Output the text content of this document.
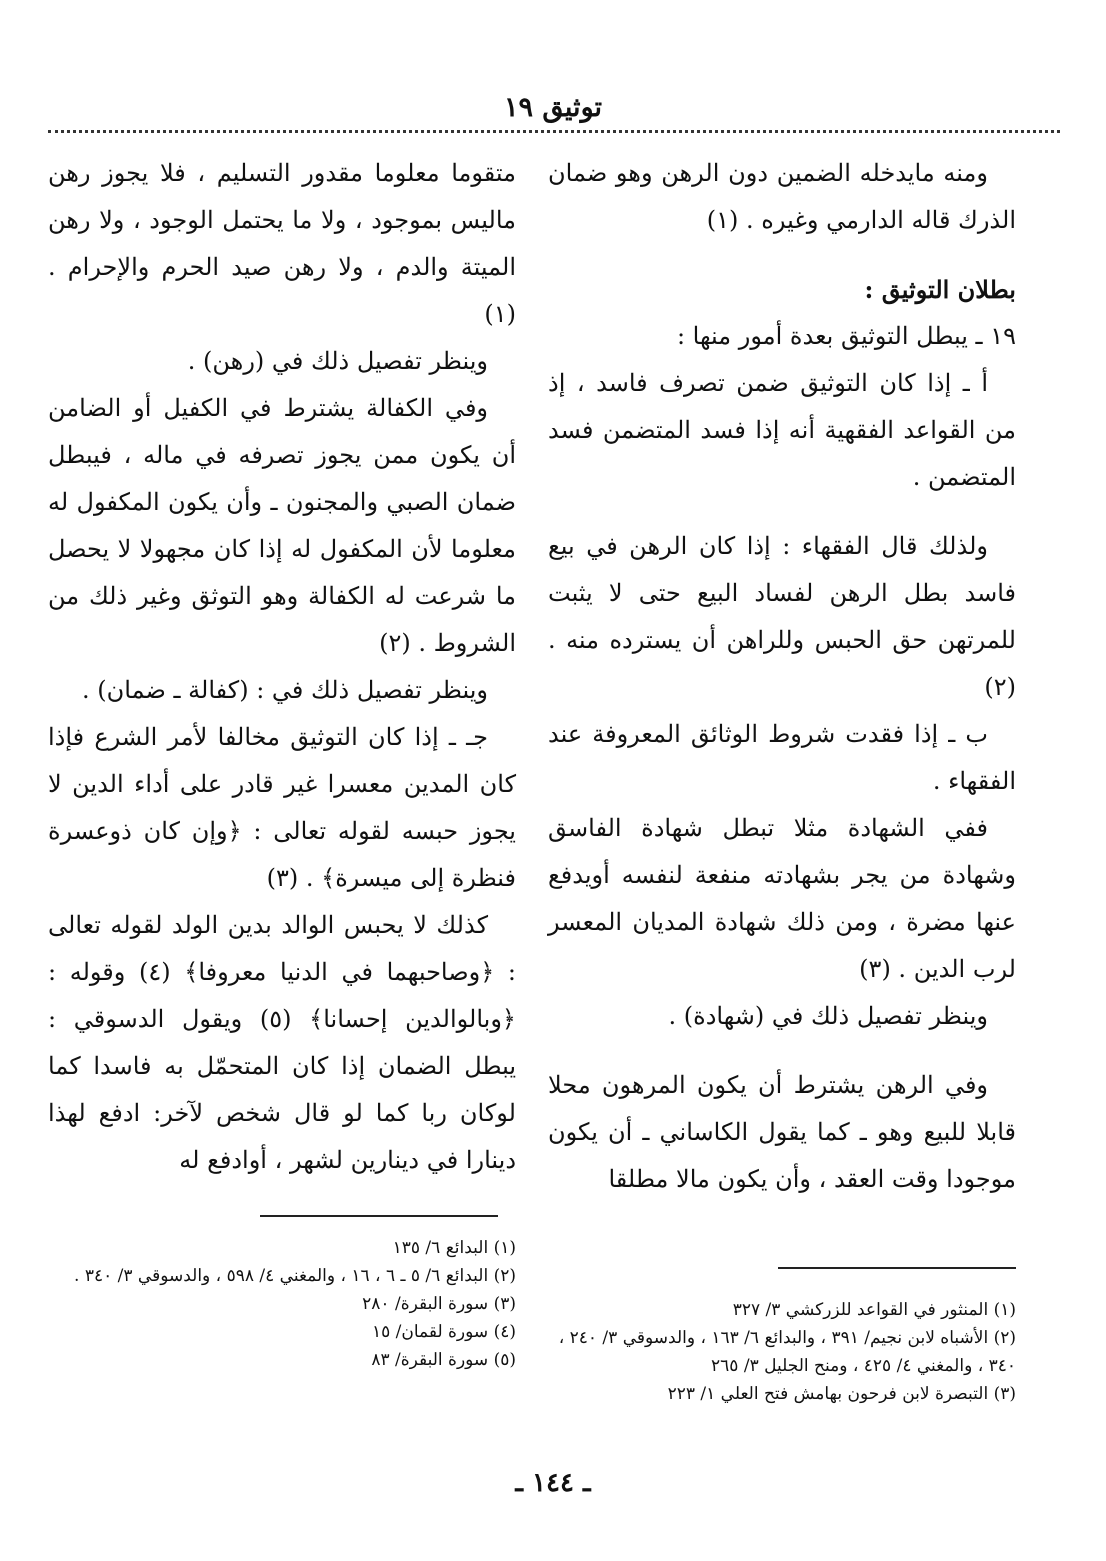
توثيق ١٩

ومنه مايدخله الضمين دون الرهن وهو ضمان الذرك قاله الدارمي وغيره . (١)

بطلان التوثيق :

١٩ ـ يبطل التوثيق بعدة أمور منها :

أ ـ إذا كان التوثيق ضمن تصرف فاسد ، إذ من القواعد الفقهية أنه إذا فسد المتضمن فسد المتضمن .

ولذلك قال الفقهاء : إذا كان الرهن في بيع فاسد بطل الرهن لفساد البيع حتى لا يثبت للمرتهن حق الحبس وللراهن أن يسترده منه . (٢)

ب ـ إذا فقدت شروط الوثائق المعروفة عند الفقهاء .

ففي الشهادة مثلا تبطل شهادة الفاسق وشهادة من يجر بشهادته منفعة لنفسه أويدفع عنها مضرة ، ومن ذلك شهادة المديان المعسر لرب الدين . (٣)

وينظر تفصيل ذلك في (شهادة) .

وفي الرهن يشترط أن يكون المرهون محلا قابلا للبيع وهو ـ كما يقول الكاساني ـ أن يكون موجودا وقت العقد ، وأن يكون مالا مطلقا

متقوما معلوما مقدور التسليم ، فلا يجوز رهن ماليس بموجود ، ولا ما يحتمل الوجود ، ولا رهن الميتة والدم ، ولا رهن صيد الحرم والإحرام . (١)

وينظر تفصيل ذلك في (رهن) .

وفي الكفالة يشترط في الكفيل أو الضامن أن يكون ممن يجوز تصرفه في ماله ، فيبطل ضمان الصبي والمجنون ـ وأن يكون المكفول له معلوما لأن المكفول له إذا كان مجهولا لا يحصل ما شرعت له الكفالة وهو التوثق وغير ذلك من الشروط . (٢)

وينظر تفصيل ذلك في : (كفالة ـ ضمان) .

جـ ـ إذا كان التوثيق مخالفا لأمر الشرع فإذا كان المدين معسرا غير قادر على أداء الدين لا يجوز حبسه لقوله تعالى : ﴿وإن كان ذوعسرة فنظرة إلى ميسرة﴾ . (٣)

كذلك لا يحبس الوالد بدين الولد لقوله تعالى : ﴿وصاحبهما في الدنيا معروفا﴾ (٤) وقوله : ﴿وبالوالدين إحسانا﴾ (٥) ويقول الدسوقي : يبطل الضمان إذا كان المتحمّل به فاسدا كما لوكان ربا كما لو قال شخص لآخر: ادفع لهذا دينارا في دينارين لشهر ، أوادفع له

(١) المنثور في القواعد للزركشي ٣/ ٣٢٧
(٢) الأشباه لابن نجيم/ ٣٩١ ، والبدائع ٦/ ١٦٣ ، والدسوقي ٣/ ٢٤٠ ، ٣٤٠ ، والمغني ٤/ ٤٢٥ ، ومنح الجليل ٣/ ٢٦٥
(٣) التبصرة لابن فرحون بهامش فتح العلي ١/ ٢٢٣
(١) البدائع ٦/ ١٣٥
(٢) البدائع ٦/ ٥ ـ ٦ ، ١٦ ، والمغني ٤/ ٥٩٨ ، والدسوقي ٣/ ٣٤٠ .
(٣) سورة البقرة/ ٢٨٠
(٤) سورة لقمان/ ١٥
(٥) سورة البقرة/ ٨٣
ـ ١٤٤ ـ
